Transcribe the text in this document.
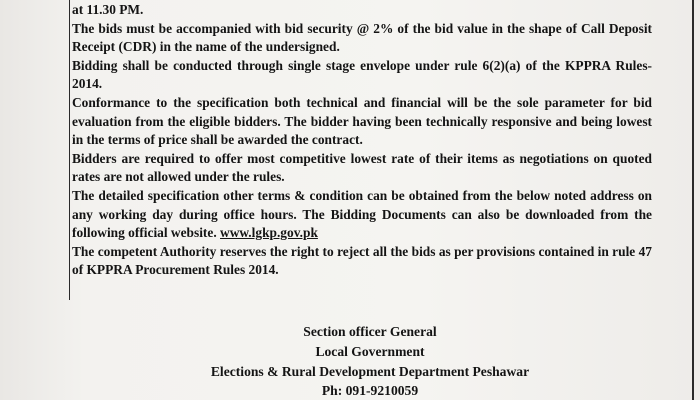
at 11.30 PM.

The bids must be accompanied with bid security @ 2% of the bid value in the shape of Call Deposit Receipt (CDR) in the name of the undersigned.

Bidding shall be conducted through single stage envelope under rule 6(2)(a) of the KPPRA Rules- 2014.

Conformance to the specification both technical and financial will be the sole parameter for bid evaluation from the eligible bidders. The bidder having been technically responsive and being lowest in the terms of price shall be awarded the contract.

Bidders are required to offer most competitive lowest rate of their items as negotiations on quoted rates are not allowed under the rules.

The detailed specification other terms & condition can be obtained from the below noted address on any working day during office hours. The Bidding Documents can also be downloaded from the following official website. www.lgkp.gov.pk

The competent Authority reserves the right to reject all the bids as per provisions contained in rule 47 of KPPRA Procurement Rules 2014.

Section officer General
Local Government
Elections & Rural Development Department Peshawar
Ph: 091-9210059
